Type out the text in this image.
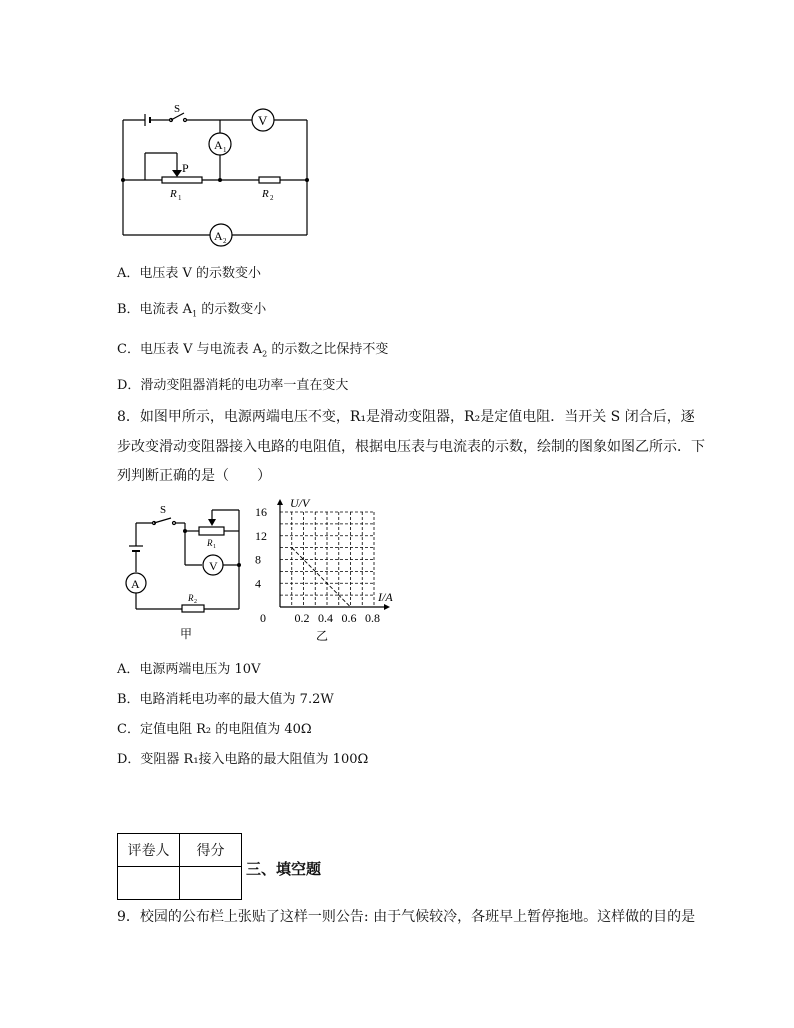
S
V
A 1
A 2
P
R 1	R 2
A．电压表 V 的示数变小
B．电流表 $A_1$ 的示数变小
C．电压表 V 与电流表 $A_2$ 的示数之比保持不变
D．滑动变阻器消耗的电功率一直在变大
8．如图甲所示，电源两端电压不变，R₁是滑动变阻器，R₂是定值电阻．当开关 S 闭合后，逐
步改变滑动变阻器接入电路的电阻值，根据电压表与电流表的示数，绘制的图象如图乙所示．下
列判断正确的是（　　）
S
R 1
V
A
R 2
甲
4
8
12
16
0.2 0.4 0.6 0.8
U/V
I/A
0
乙
A．电源两端电压为 10V
B．电路消耗电功率的最大值为 7.2W
C．定值电阻 R₂ 的电阻值为 40Ω
D．变阻器 R₁接入电路的最大阻值为 100Ω
评卷人	得分

三、填空题
9．校园的公布栏上张贴了这样一则公告: 由于气候较冷，各班早上暂停拖地。这样做的目的是
